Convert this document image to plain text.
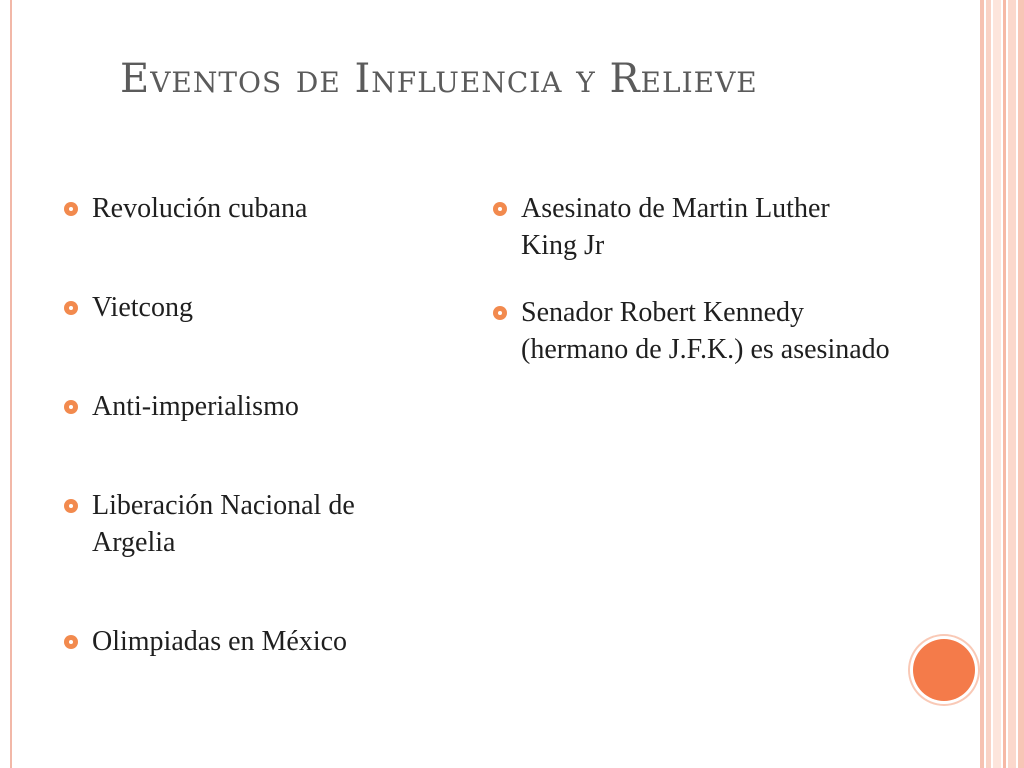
Eventos de Influencia y Relieve
Revolución cubana
Vietcong
Anti-imperialismo
Liberación Nacional de Argelia
Olimpiadas en México
Asesinato de Martin Luther King Jr
Senador Robert Kennedy (hermano de J.F.K.) es asesinado
